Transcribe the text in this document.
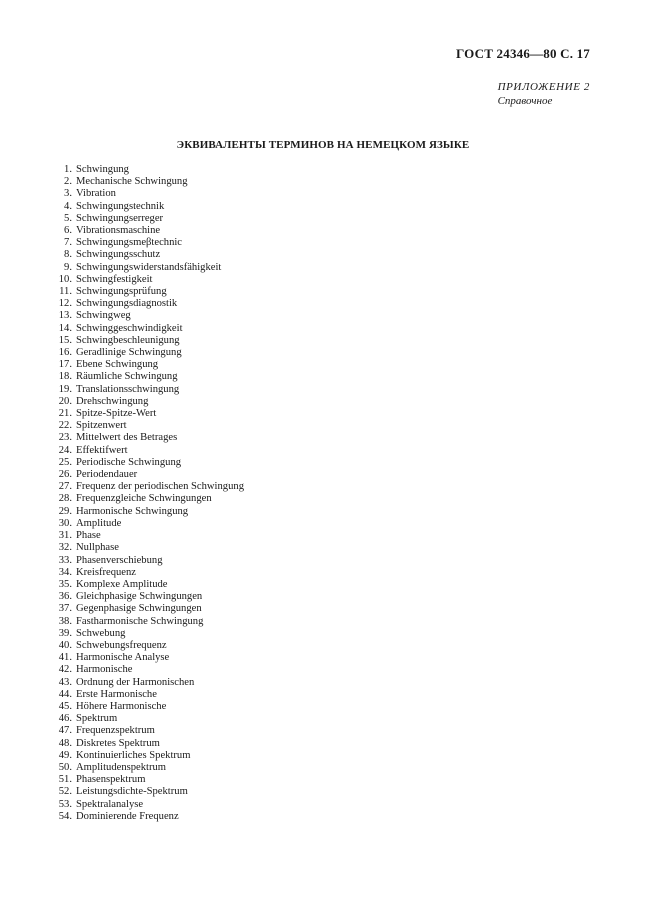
ГОСТ 24346—80 С. 17
ПРИЛОЖЕНИЕ 2
Справочное
ЭКВИВАЛЕНТЫ ТЕРМИНОВ НА НЕМЕЦКОМ ЯЗЫКЕ
1. Schwingung
2. Mechanische Schwingung
3. Vibration
4. Schwingungstechnik
5. Schwingungserreger
6. Vibrationsmaschine
7. Schwingungsmeβtechnic
8. Schwingungsschutz
9. Schwingungswiderstandsfähigkeit
10. Schwingfestigkeit
11. Schwingungsprüfung
12. Schwingungsdiagnostik
13. Schwingweg
14. Schwinggeschwindigkeit
15. Schwingbeschleunigung
16. Geradlinige Schwingung
17. Ebene Schwingung
18. Räumliche Schwingung
19. Translationsschwingung
20. Drehschwingung
21. Spitze-Spitze-Wert
22. Spitzenwert
23. Mittelwert des Betrages
24. Effektifwert
25. Periodische Schwingung
26. Periodendauer
27. Frequenz der periodischen Schwingung
28. Frequenzgleiche Schwingungen
29. Harmonische Schwingung
30. Amplitude
31. Phase
32. Nullphase
33. Phasenverschiebung
34. Kreisfrequenz
35. Komplexe Amplitude
36. Gleichphasige Schwingungen
37. Gegenphasige Schwingungen
38. Fastharmonische Schwingung
39. Schwebung
40. Schwebungsfrequenz
41. Harmonische Analyse
42. Harmonische
43. Ordnung der Harmonischen
44. Erste Harmonische
45. Höhere Harmonische
46. Spektrum
47. Frequenzspektrum
48. Diskretes Spektrum
49. Kontinuierliches Spektrum
50. Amplitudenspektrum
51. Phasenspektrum
52. Leistungsdichte-Spektrum
53. Spektralanalyse
54. Dominierende Frequenz
